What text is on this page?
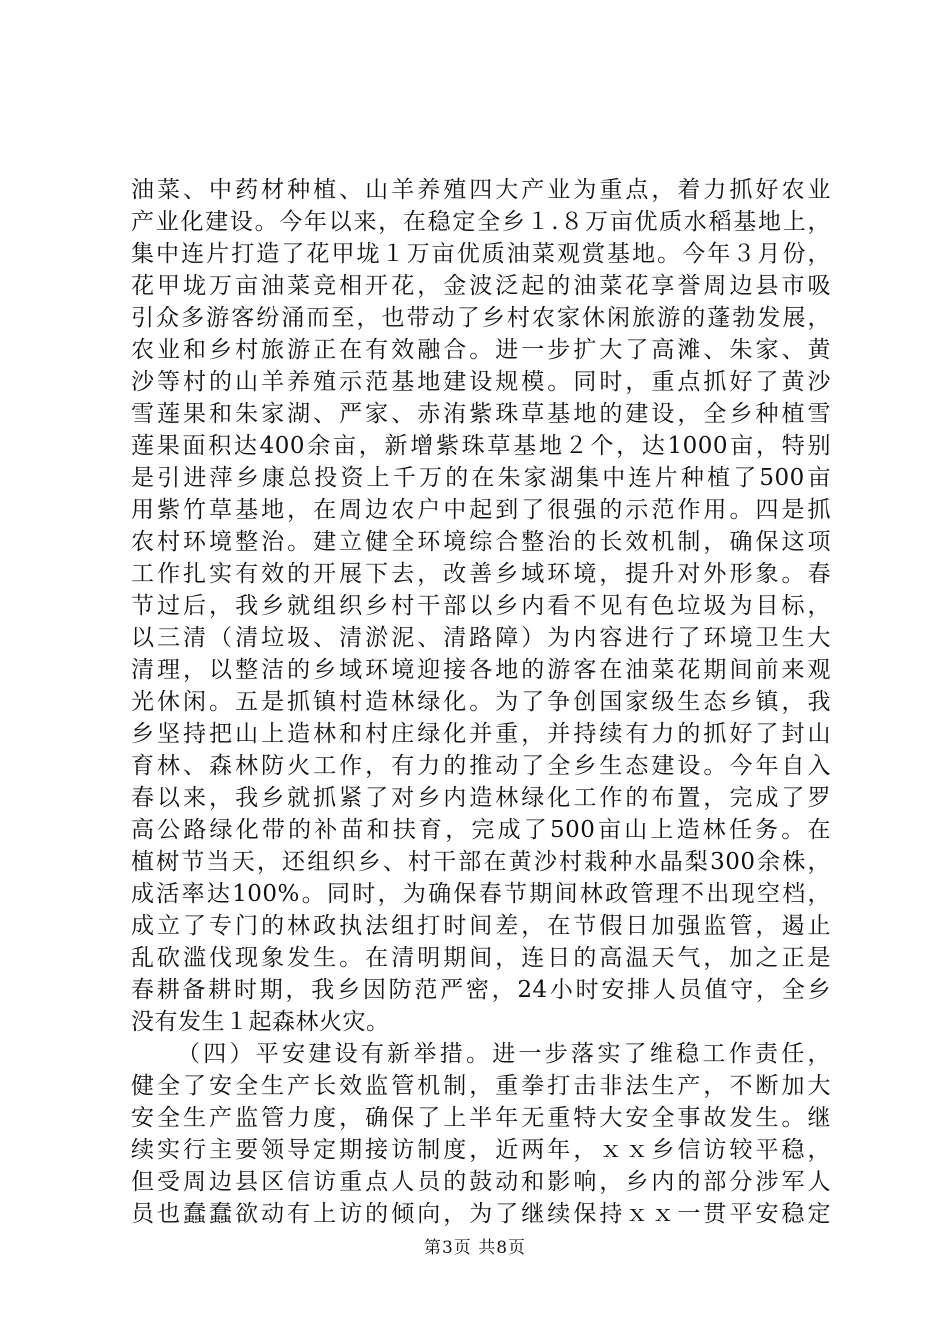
油菜、中药材种植、山羊养殖四大产业为重点，着力抓好农业
产业化建设。今年以来，在稳定全乡１.８万亩优质水稻基地上，
集中连片打造了花甲垅１万亩优质油菜观赏基地。今年３月份，
花甲垅万亩油菜竞相开花，金波泛起的油菜花享誉周边县市吸
引众多游客纷涌而至，也带动了乡村农家休闲旅游的蓬勃发展，
农业和乡村旅游正在有效融合。进一步扩大了高滩、朱家、黄
沙等村的山羊养殖示范基地建设规模。同时，重点抓好了黄沙
雪莲果和朱家湖、严家、赤洧紫珠草基地的建设，全乡种植雪
莲果面积达400余亩，新增紫珠草基地２个，达1000亩，特别
是引进萍乡康总投资上千万的在朱家湖集中连片种植了500亩
用紫竹草基地，在周边农户中起到了很强的示范作用。四是抓
农村环境整治。建立健全环境综合整治的长效机制，确保这项
工作扎实有效的开展下去，改善乡域环境，提升对外形象。春
节过后，我乡就组织乡村干部以乡内看不见有色垃圾为目标，
以三清（清垃圾、清淤泥、清路障）为内容进行了环境卫生大
清理，以整洁的乡域环境迎接各地的游客在油菜花期间前来观
光休闲。五是抓镇村造林绿化。为了争创国家级生态乡镇，我
乡坚持把山上造林和村庄绿化并重，并持续有力的抓好了封山
育林、森林防火工作，有力的推动了全乡生态建设。今年自入
春以来，我乡就抓紧了对乡内造林绿化工作的布置，完成了罗
高公路绿化带的补苗和扶育，完成了500亩山上造林任务。在
植树节当天，还组织乡、村干部在黄沙村栽种水晶梨300余株，
成活率达100%。同时，为确保春节期间林政管理不出现空档，
成立了专门的林政执法组打时间差，在节假日加强监管，遏止
乱砍滥伐现象发生。在清明期间，连日的高温天气，加之正是
春耕备耕时期，我乡因防范严密，24小时安排人员值守，全乡
没有发生１起森林火灾。
（四）平安建设有新举措。进一步落实了维稳工作责任，
健全了安全生产长效监管机制，重拳打击非法生产，不断加大
安全生产监管力度，确保了上半年无重特大安全事故发生。继
续实行主要领导定期接访制度，近两年，ｘｘ乡信访较平稳，
但受周边县区信访重点人员的鼓动和影响，乡内的部分涉军人
员也蠢蠢欲动有上访的倾向，为了继续保持ｘｘ一贯平安稳定
第3页 共8页
